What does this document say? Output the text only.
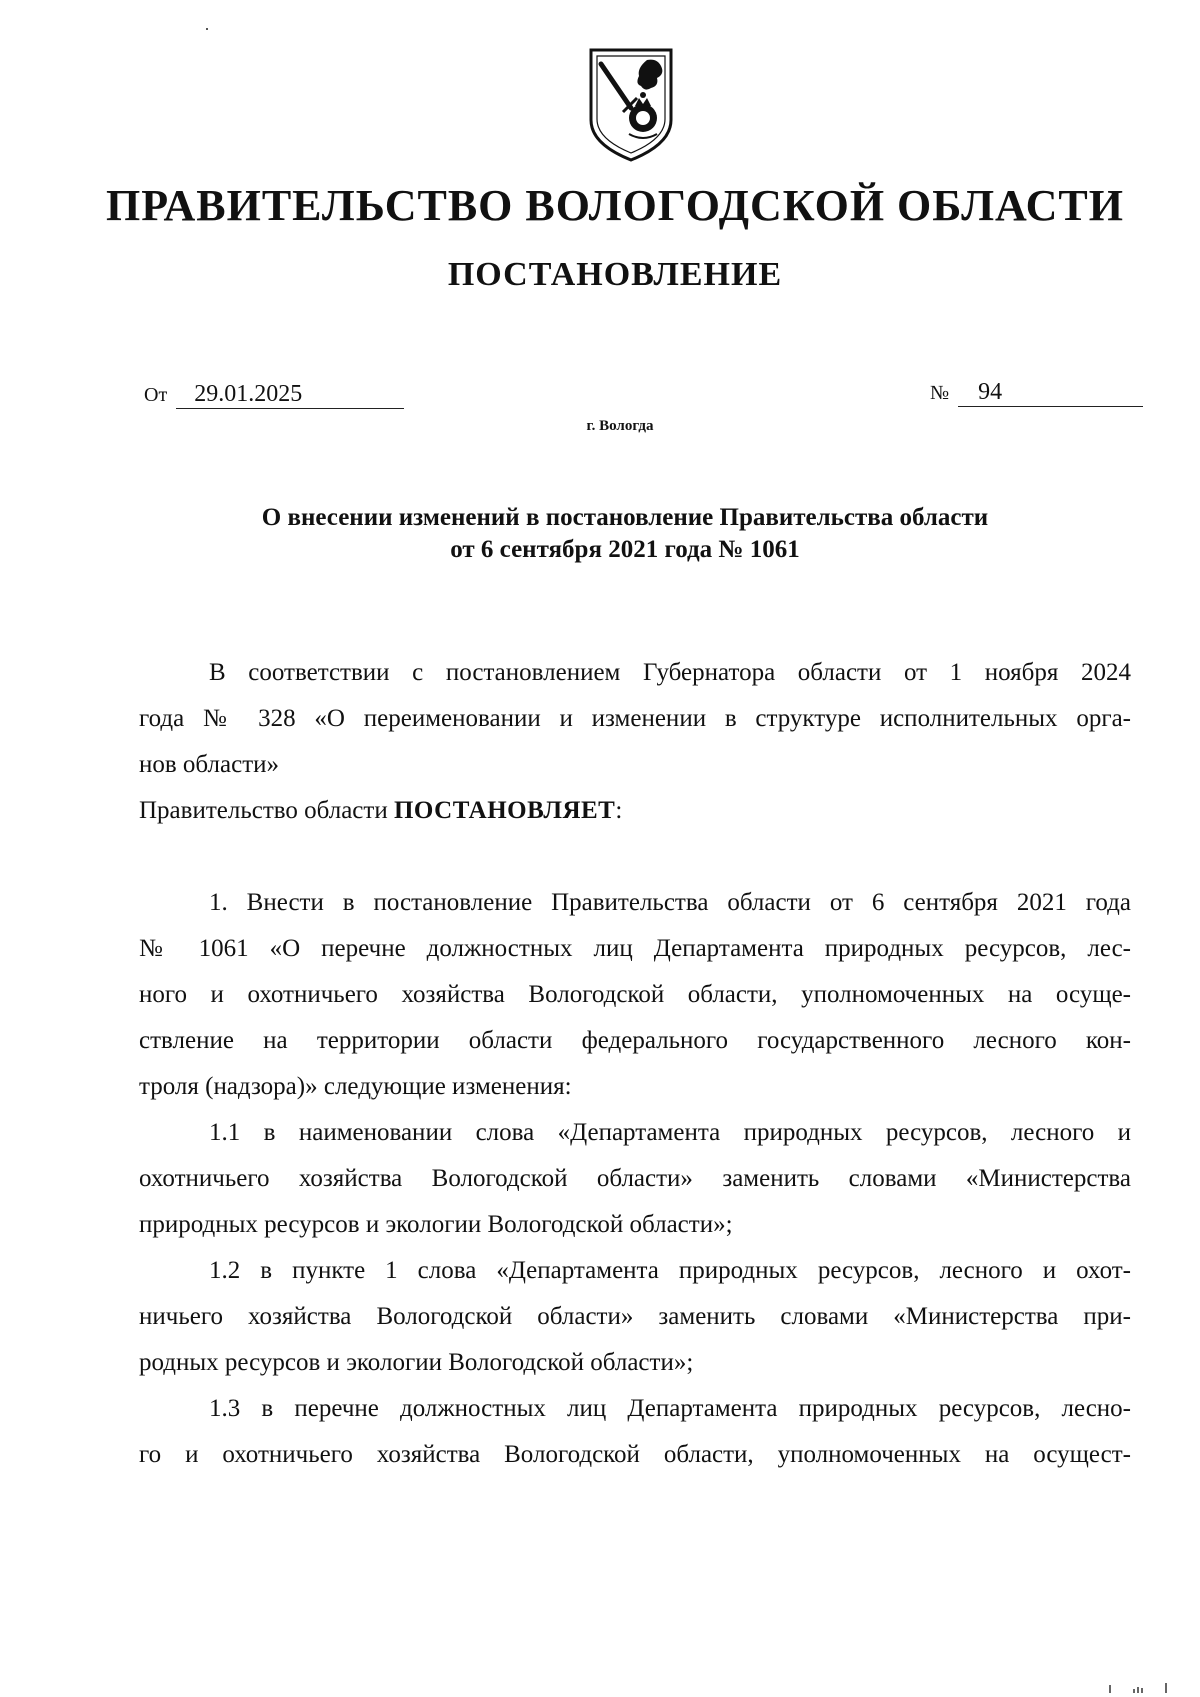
ПРАВИТЕЛЬСТВО ВОЛОГОДСКОЙ ОБЛАСТИ
ПОСТАНОВЛЕНИЕ
От 29.01.2025	№ 94
г. Вологда
О внесении изменений в постановление Правительства области
от 6 сентября 2021 года № 1061
В соответствии с постановлением Губернатора области от 1 ноября 2024
года № 328 «О переименовании и изменении в структуре исполнительных орга-
нов области»
Правительство области ПОСТАНОВЛЯЕТ:
1. Внести в постановление Правительства области от 6 сентября 2021 года
№ 1061 «О перечне должностных лиц Департамента природных ресурсов, лес-
ного и охотничьего хозяйства Вологодской области, уполномоченных на осуще-
ствление на территории области федерального государственного лесного кон-
троля (надзора)» следующие изменения:
1.1 в наименовании слова «Департамента природных ресурсов, лесного и
охотничьего хозяйства Вологодской области» заменить словами «Министерства
природных ресурсов и экологии Вологодской области»;
1.2 в пункте 1 слова «Департамента природных ресурсов, лесного и охот-
ничьего хозяйства Вологодской области» заменить словами «Министерства при-
родных ресурсов и экологии Вологодской области»;
1.3 в перечне должностных лиц Департамента природных ресурсов, лесно-
го и охотничьего хозяйства Вологодской области, уполномоченных на осущест-
